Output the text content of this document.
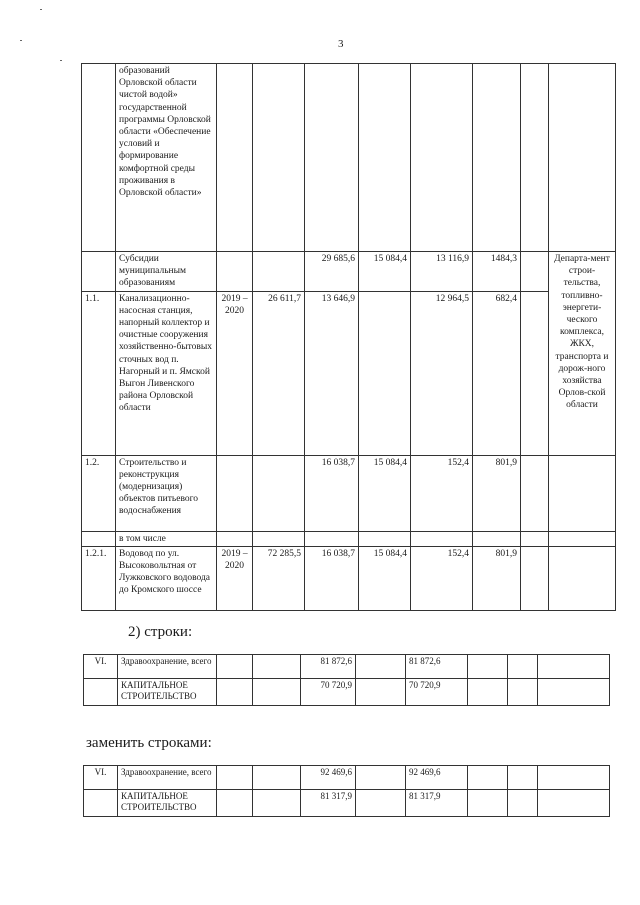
3
	образований Орловской области чистой водой» государственной программы Орловской области «Обеспечение условий и формирование комфортной среды проживания в Орловской области»								
	Субсидии муниципальным образованиям			29 685,6	15 084,4	13 116,9	1484,3		Департа-мент строи-тельства, топливно-энергети-ческого комплекса, ЖКХ, транспорта и дорож-ного хозяйства Орлов-ской области
1.1.	Канализационно-насосная станция, напорный коллектор и очистные сооружения хозяйственно-бытовых сточных вод п. Нагорный и п. Ямской Выгон Ливенского района Орловской области	2019 – 2020	26 611,7	13 646,9		12 964,5	682,4		
1.2.	Строительство и реконструкция (модернизация) объектов питьевого водоснабжения			16 038,7	15 084,4	152,4	801,9		
	в том числе								
1.2.1.	Водовод по ул. Высоковольтная от Лужковского водовода до Кромского шоссе	2019 – 2020	72 285,5	16 038,7	15 084,4	152,4	801,9		
2) строки:
VI.	Здравоохранение, всего			81 872,6		81 872,6			
	КАПИТАЛЬНОЕ СТРОИТЕЛЬСТВО			70 720,9		70 720,9			
заменить строками:
VI.	Здравоохранение, всего			92 469,6		92 469,6			
	КАПИТАЛЬНОЕ СТРОИТЕЛЬСТВО			81 317,9		81 317,9			
